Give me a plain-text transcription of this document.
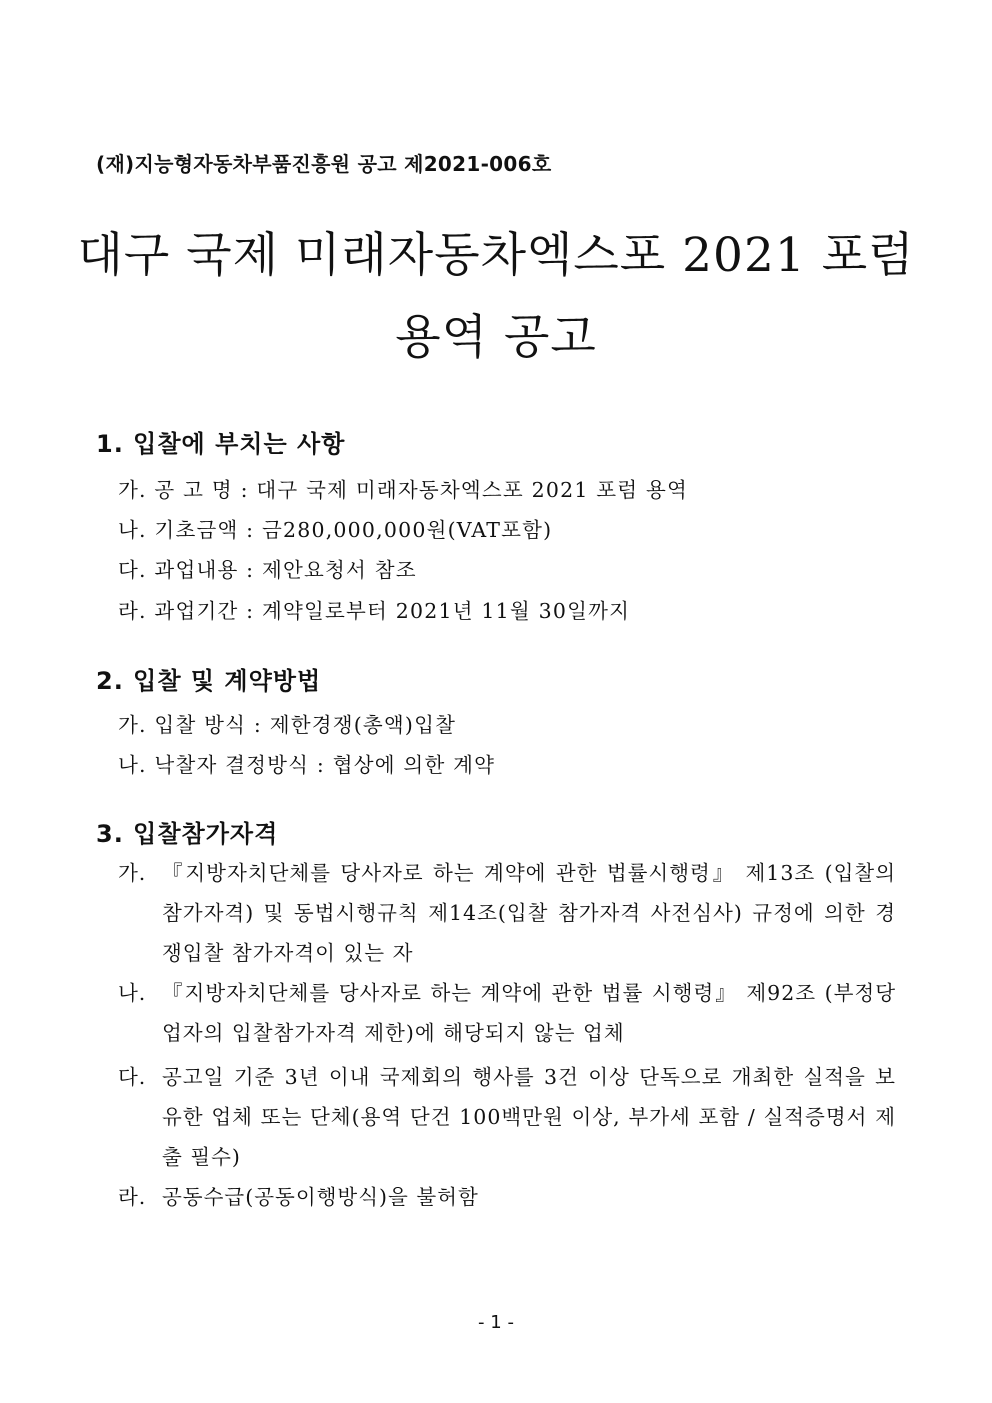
(재)지능형자동차부품진흥원 공고 제2021-006호
대구 국제 미래자동차엑스포 2021 포럼
용역 공고
1. 입찰에 부치는 사항
가. 공 고 명 : 대구 국제 미래자동차엑스포 2021 포럼 용역
나. 기초금액 : 금280,000,000원(VAT포함)
다. 과업내용 : 제안요청서 참조
라. 과업기간 : 계약일로부터 2021년 11월 30일까지
2. 입찰 및 계약방법
가. 입찰 방식 : 제한경쟁(총액)입찰
나. 낙찰자 결정방식 : 협상에 의한 계약
3. 입찰참가자격
가. 『지방자치단체를 당사자로 하는 계약에 관한 법률시행령』 제13조 (입찰의 참가자격) 및 동법시행규칙 제14조(입찰 참가자격 사전심사) 규정에 의한 경쟁입찰 참가자격이 있는 자
나. 『지방자치단체를 당사자로 하는 계약에 관한 법률 시행령』 제92조 (부정당업자의 입찰참가자격 제한)에 해당되지 않는 업체
다. 공고일 기준 3년 이내 국제회의 행사를 3건 이상 단독으로 개최한 실적을 보유한 업체 또는 단체(용역 단건 100백만원 이상, 부가세 포함 / 실적증명서 제출 필수)
라. 공동수급(공동이행방식)을 불허함
- 1 -
